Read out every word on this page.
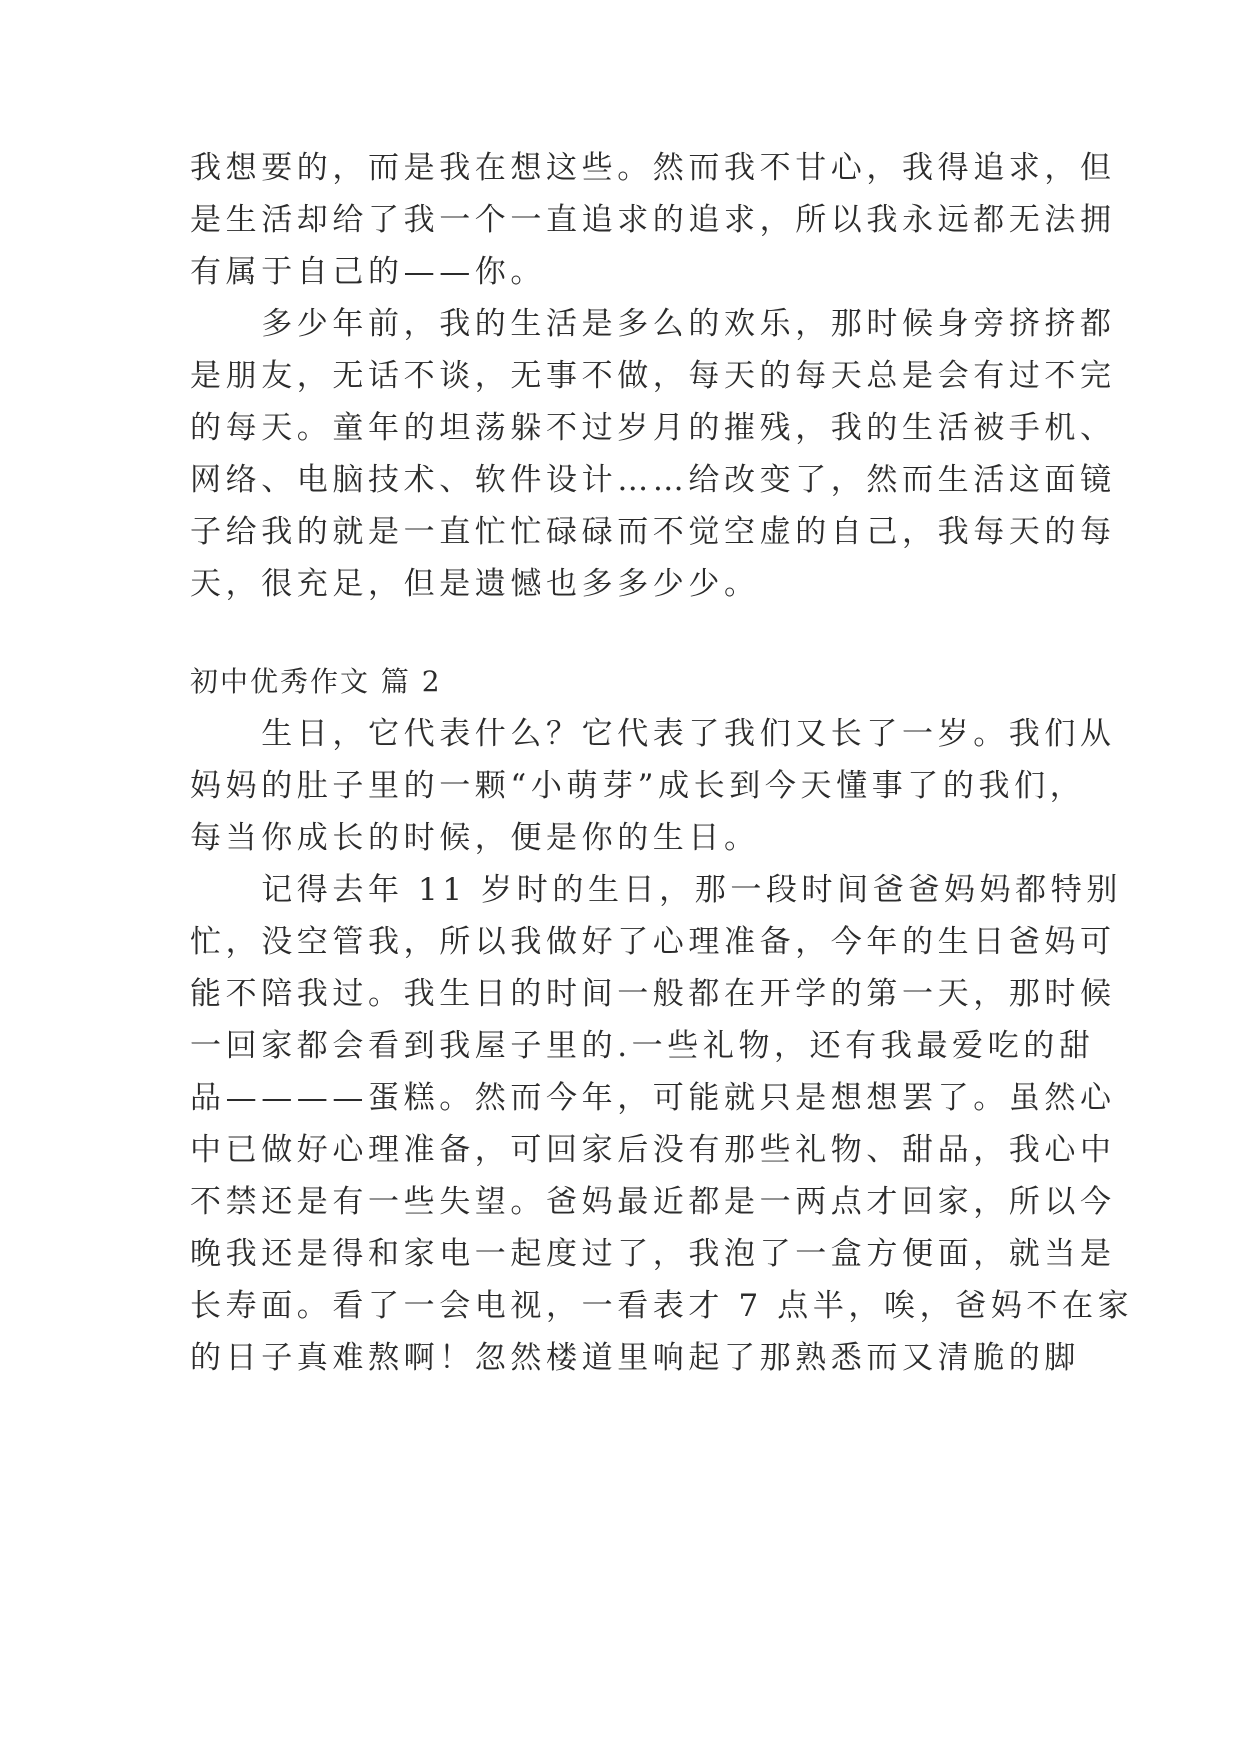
我想要的，而是我在想这些。然而我不甘心，我得追求，但
是生活却给了我一个一直追求的追求，所以我永远都无法拥
有属于自己的——你。
　　多少年前，我的生活是多么的欢乐，那时候身旁挤挤都
是朋友，无话不谈，无事不做，每天的每天总是会有过不完
的每天。童年的坦荡躲不过岁月的摧残，我的生活被手机、
网络、电脑技术、软件设计……给改变了，然而生活这面镜
子给我的就是一直忙忙碌碌而不觉空虚的自己，我每天的每
天，很充足，但是遗憾也多多少少。
初中优秀作文 篇 2
　　生日，它代表什么？它代表了我们又长了一岁。我们从
妈妈的肚子里的一颗“小萌芽”成长到今天懂事了的我们，
每当你成长的时候，便是你的生日。
　　记得去年 11 岁时的生日，那一段时间爸爸妈妈都特别
忙，没空管我，所以我做好了心理准备，今年的生日爸妈可
能不陪我过。我生日的时间一般都在开学的第一天，那时候
一回家都会看到我屋子里的.一些礼物，还有我最爱吃的甜
品————蛋糕。然而今年，可能就只是想想罢了。虽然心
中已做好心理准备，可回家后没有那些礼物、甜品，我心中
不禁还是有一些失望。爸妈最近都是一两点才回家，所以今
晚我还是得和家电一起度过了，我泡了一盒方便面，就当是
长寿面。看了一会电视，一看表才 7 点半，唉，爸妈不在家
的日子真难熬啊！忽然楼道里响起了那熟悉而又清脆的脚
